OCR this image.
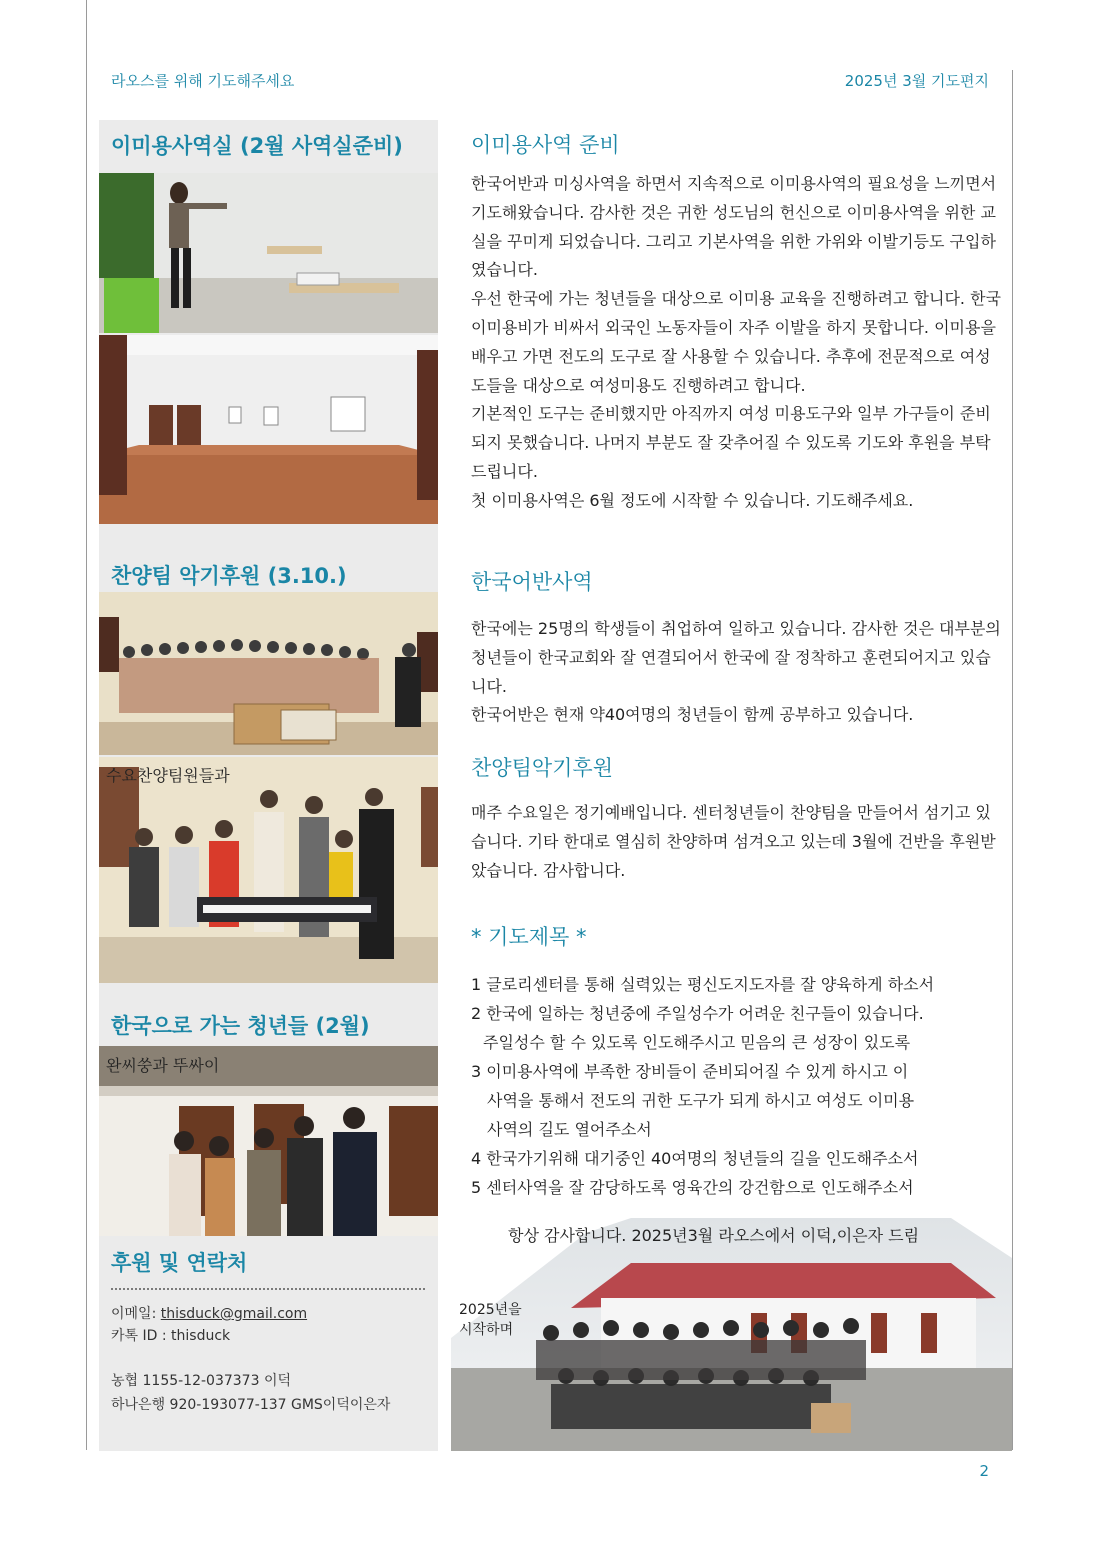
라오스를 위해 기도해주세요	2025년 3월 기도편지
이미용사역실 (2월 사역실준비)
찬양팀 악기후원 (3.10.)
수요찬양팀원들과
한국으로 가는 청년들 (2월)
완씨쑹과 뚜싸이
후원 및 연락처
이메일: thisduck@gmail.com
카톡 ID : thisduck
농협 1155-12-037373 이덕
하나은행 920-193077-137 GMS이덕이은자
이미용사역 준비

한국어반과 미싱사역을 하면서 지속적으로 이미용사역의 필요성을 느끼면서 기도해왔습니다. 감사한 것은 귀한 성도님의 헌신으로 이미용사역을 위한 교실을 꾸미게 되었습니다. 그리고 기본사역을 위한 가위와 이발기등도 구입하였습니다.

우선 한국에 가는 청년들을 대상으로 이미용 교육을 진행하려고 합니다. 한국 이미용비가 비싸서 외국인 노동자들이 자주 이발을 하지 못합니다. 이미용을 배우고 가면 전도의 도구로 잘 사용할 수 있습니다. 추후에 전문적으로 여성도들을 대상으로 여성미용도 진행하려고 합니다.

기본적인 도구는 준비했지만 아직까지 여성 미용도구와 일부 가구들이 준비되지 못했습니다. 나머지 부분도 잘 갖추어질 수 있도록 기도와 후원을 부탁드립니다.

첫 이미용사역은 6월 정도에 시작할 수 있습니다. 기도해주세요.

한국어반사역

한국에는 25명의 학생들이 취업하여 일하고 있습니다. 감사한 것은 대부분의 청년들이 한국교회와 잘 연결되어서 한국에 잘 정착하고 훈련되어지고 있습니다.

한국어반은 현재 약40여명의 청년들이 함께 공부하고 있습니다.

찬양팀악기후원

매주 수요일은 정기예배입니다. 센터청년들이 찬양팀을 만들어서 섬기고 있습니다. 기타 한대로 열심히 찬양하며 섬겨오고 있는데 3월에 건반을 후원받았습니다. 감사합니다.

* 기도제목 *
1 글로리센터를 통해 실력있는 평신도지도자를 잘 양육하게 하소서
2 한국에 일하는 청년중에 주일성수가 어려운 친구들이 있습니다.
주일성수 할 수 있도록 인도해주시고 믿음의 큰 성장이 있도록
3 이미용사역에 부족한 장비들이 준비되어질 수 있게 하시고 이
사역을 통해서 전도의 귀한 도구가 되게 하시고 여성도 이미용
사역의 길도 열어주소서
4 한국가기위해 대기중인 40여명의 청년들의 길을 인도해주소서
5 센터사역을 잘 감당하도록 영육간의 강건함으로 인도해주소서
항상 감사합니다. 2025년3월 라오스에서 이덕,이은자 드림
2025년을
시작하며
2
